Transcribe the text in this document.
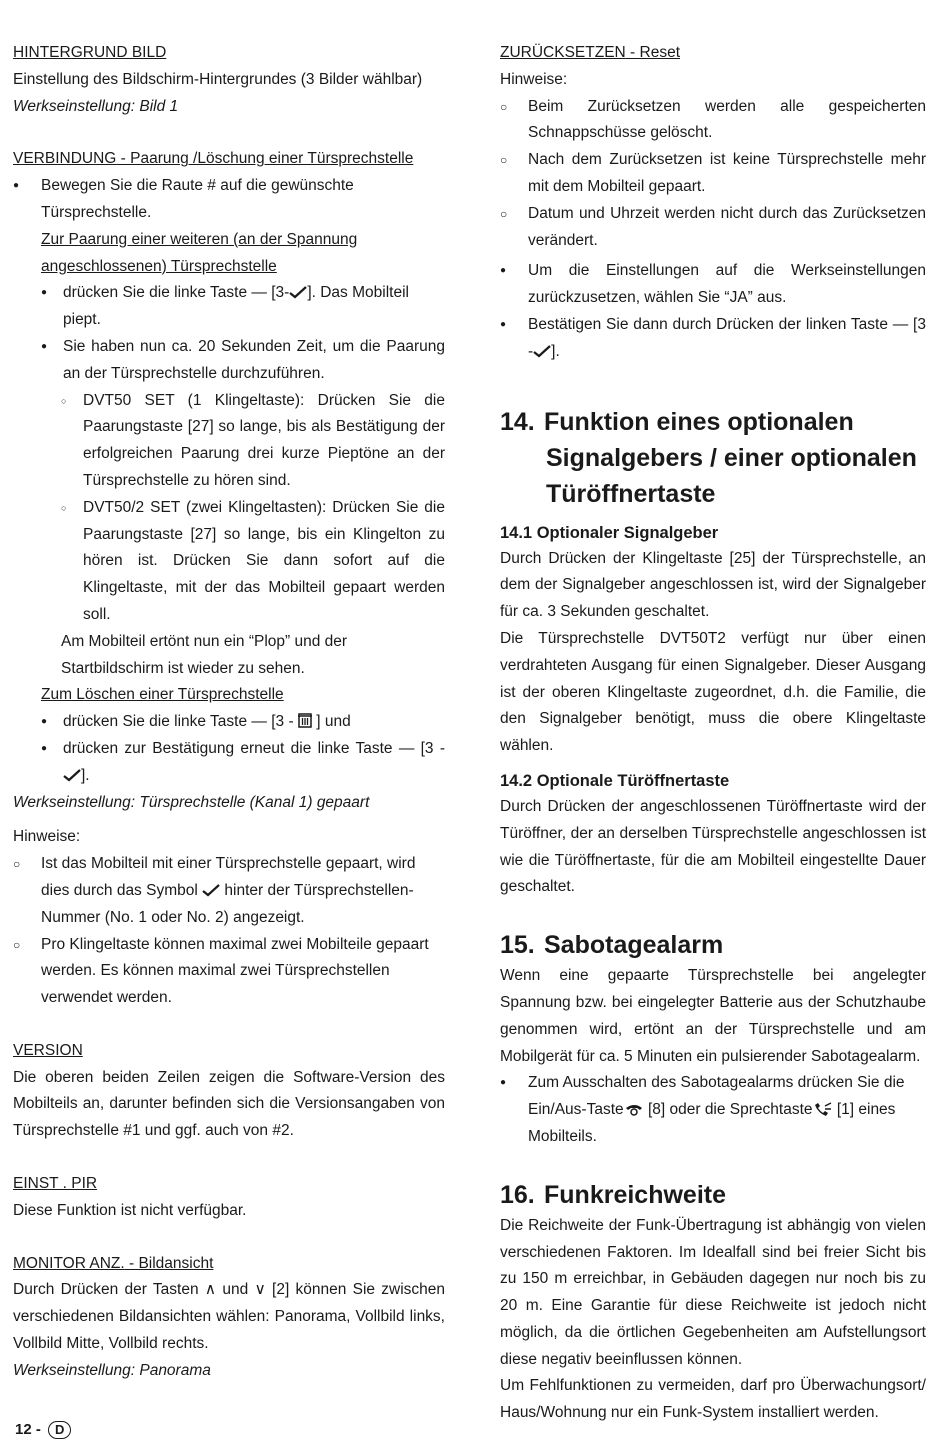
HINTERGRUND BILD

Einstellung des Bildschirm-Hintergrundes (3 Bilder wählbar)

Werkseinstellung: Bild 1

VERBINDUNG - Paarung /Löschung einer Türsprechstelle

● Bewegen Sie die Raute # auf die gewünschte Türsprechstelle.

Zur Paarung einer weiteren (an der Spannung angeschlossenen) Türsprechstelle

● drücken Sie die linke Taste — [3- ]. Das Mobilteil piept.
● Sie haben nun ca. 20 Sekunden Zeit, um die Paarung an der Türsprechstelle durchzuführen.
○ DVT50 SET (1 Klingeltaste): Drücken Sie die Paarungstaste [27] so lange, bis als Bestätigung der erfolgreichen Paarung drei kurze Pieptöne an der Türsprechstelle zu hören sind.
○ DVT50/2 SET (zwei Klingeltasten): Drücken Sie die Paarungstaste [27] so lange, bis ein Klingelton zu hören ist. Drücken Sie dann sofort auf die Klingeltaste, mit der das Mobilteil gepaart werden soll.

Am Mobilteil ertönt nun ein “Plop” und der Startbildschirm ist wieder zu sehen.

Zum Löschen einer Türsprechstelle

● drücken Sie die linke Taste — [3 - ] und
● drücken zur Bestätigung erneut die linke Taste — [3 -].

Werkseinstellung: Türsprechstelle (Kanal 1) gepaart

Hinweise:

○ Ist das Mobilteil mit einer Türsprechstelle gepaart, wird dies durch das Symbol  hinter der Türsprechstellen-Nummer (No. 1 oder No. 2) angezeigt.
○ Pro Klingeltaste können maximal zwei Mobilteile gepaart werden. Es können maximal zwei Türsprechstellen verwendet werden.

VERSION

Die oberen beiden Zeilen zeigen die Software-Version des Mobilteils an, darunter befinden sich die Versionsangaben von Türsprechstelle #1 und ggf. auch von #2.

EINST . PIR

Diese Funktion ist nicht verfügbar.

MONITOR ANZ. - Bildansicht

Durch Drücken der Tasten ∧ und ∨ [2] können Sie zwischen verschiedenen Bildansichten wählen: Panorama, Vollbild links, Vollbild Mitte, Vollbild rechts.

Werkseinstellung: Panorama

ZURÜCKSETZEN - Reset

Hinweise:

○ Beim Zurücksetzen werden alle gespeicherten Schnappschüsse gelöscht.
○ Nach dem Zurücksetzen ist keine Türsprechstelle mehr mit dem Mobilteil gepaart.
○ Datum und Uhrzeit werden nicht durch das Zurücksetzen verändert.
● Um die Einstellungen auf die Werkseinstellungen zurückzusetzen, wählen Sie “JA” aus.
● Bestätigen Sie dann durch Drücken der linken Taste — [3 - ].
14. Funktion eines optionalen
Signalgebers / einer optionalen
Türöffnertaste

14.1 Optionaler Signalgeber

Durch Drücken der Klingeltaste [25] der Türsprechstelle, an dem der Signalgeber angeschlossen ist, wird der Signalgeber für ca. 3 Sekunden geschaltet.

Die Türsprechstelle DVT50T2 verfügt nur über einen verdrahteten Ausgang für einen Signalgeber. Dieser Ausgang ist der oberen Klingeltaste zugeordnet, d.h. die Familie, die den Signalgeber benötigt, muss die obere Klingeltaste wählen.

14.2 Optionale Türöffnertaste

Durch Drücken der angeschlossenen Türöffnertaste wird der Türöffner, der an derselben Türsprechstelle angeschlossen ist wie die Türöffnertaste, für die am Mobilteil eingestellte Dauer geschaltet.

15. Sabotagealarm

Wenn eine gepaarte Türsprechstelle bei angelegter Spannung bzw. bei eingelegter Batterie aus der Schutzhaube genommen wird, ertönt an der Türsprechstelle und am Mobilgerät für ca. 5 Minuten ein pulsierender Sabotagealarm.

● Zum Ausschalten des Sabotagealarms drücken Sie die Ein/Aus-Taste [8] oder die Sprechtaste [1] eines Mobilteils.
16. Funkreichweite

Die Reichweite der Funk-Übertragung ist abhängig von vielen verschiedenen Faktoren. Im Idealfall sind bei freier Sicht bis zu 150 m erreichbar, in Gebäuden dagegen nur noch bis zu 20 m. Eine Garantie für diese Reichweite ist jedoch nicht möglich, da die örtlichen Gegebenheiten am Aufstellungsort diese negativ beeinflussen können.

Um Fehlfunktionen zu vermeiden, darf pro Überwachungsort/ Haus/Wohnung nur ein Funk-System installiert werden.

12 - D
